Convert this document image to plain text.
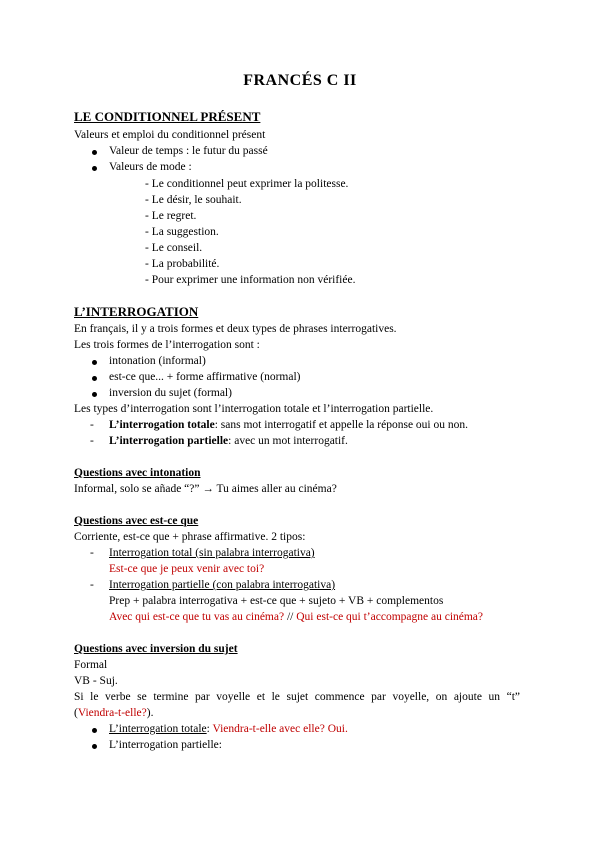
FRANCÉS C II
LE CONDITIONNEL PRÉSENT
Valeurs et emploi du conditionnel présent
Valeur de temps : le futur du passé
Valeurs de mode :
- Le conditionnel peut exprimer la politesse.
- Le désir, le souhait.
- Le regret.
- La suggestion.
- Le conseil.
- La probabilité.
- Pour exprimer une information non vérifiée.
L’INTERROGATION
En français, il y a trois formes et deux types de phrases interrogatives.
Les trois formes de l’interrogation sont :
intonation (informal)
est-ce que... + forme affirmative (normal)
inversion du sujet (formal)
Les types d’interrogation sont l’interrogation totale et l’interrogation partielle.
- L’interrogation totale: sans mot interrogatif et appelle la réponse oui ou non.
- L’interrogation partielle: avec un mot interrogatif.
Questions avec intonation
Informal, solo se añade “?” → Tu aimes aller au cinéma?
Questions avec est-ce que
Corriente, est-ce que + phrase affirmative. 2 tipos:
- Interrogation total (sin palabra interrogativa)
Est-ce que je peux venir avec toi?
- Interrogation partielle (con palabra interrogativa)
Prep + palabra interrogativa + est-ce que + sujeto + VB + complementos
Avec qui est-ce que tu vas au cinéma? // Qui est-ce qui t’accompagne au cinéma?
Questions avec inversion du sujet
Formal
VB - Suj.
Si le verbe se termine par voyelle et le sujet commence par voyelle, on ajoute un “t”
(Viendra-t-elle?).
L’interrogation totale: Viendra-t-elle avec elle? Oui.
L’interrogation partielle:
